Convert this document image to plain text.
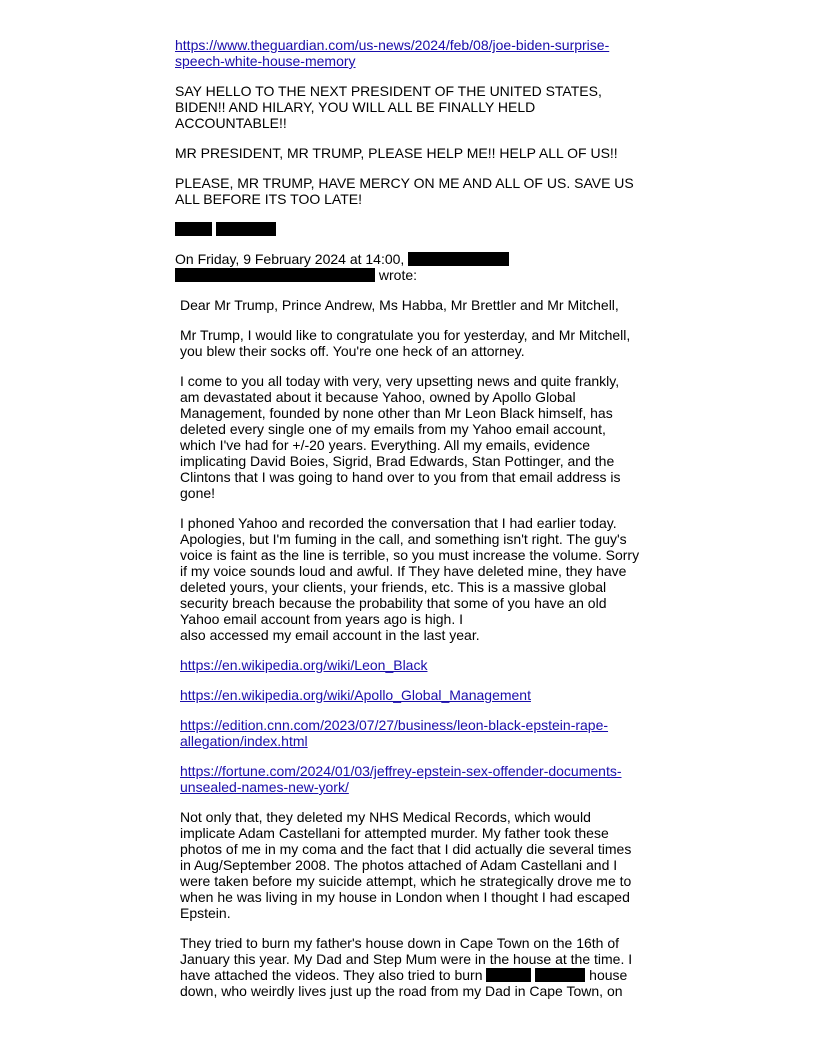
https://www.theguardian.com/us-news/2024/feb/08/joe-biden-surprise-
speech-white-house-memory

SAY HELLO TO THE NEXT PRESIDENT OF THE UNITED STATES, BIDEN!! AND HILARY, YOU WILL ALL BE FINALLY HELD ACCOUNTABLE!!

MR PRESIDENT, MR TRUMP, PLEASE HELP ME!! HELP ALL OF US!!

PLEASE, MR TRUMP, HAVE MERCY ON ME AND ALL OF US. SAVE US ALL BEFORE ITS TOO LATE!

On Friday, 9 February 2024 at 14:00,
wrote:

Dear Mr Trump, Prince Andrew, Ms Habba, Mr Brettler and Mr Mitchell,

Mr Trump, I would like to congratulate you for yesterday, and Mr Mitchell, you blew their socks off. You're one heck of an attorney.

I come to you all today with very, very upsetting news and quite frankly, am devastated about it because Yahoo, owned by Apollo Global Management, founded by none other than Mr Leon Black himself, has deleted every single one of my emails from my Yahoo email account, which I've had for +/-20 years. Everything. All my emails, evidence implicating David Boies, Sigrid, Brad Edwards, Stan Pottinger, and the Clintons that I was going to hand over to you from that email address is gone!

I phoned Yahoo and recorded the conversation that I had earlier today. Apologies, but I'm fuming in the call, and something isn't right. The guy's voice is faint as the line is terrible, so you must increase the volume. Sorry if my voice sounds loud and awful. If They have deleted mine, they have deleted yours, your clients, your friends, etc. This is a massive global security breach because the probability that some of you have an old Yahoo email account from years ago is high. I
also accessed my email account in the last year.

https://en.wikipedia.org/wiki/Leon_Black

https://en.wikipedia.org/wiki/Apollo_Global_Management

https://edition.cnn.com/2023/07/27/business/leon-black-epstein-rape-
allegation/index.html

https://fortune.com/2024/01/03/jeffrey-epstein-sex-offender-documents-
unsealed-names-new-york/

Not only that, they deleted my NHS Medical Records, which would implicate Adam Castellani for attempted murder. My father took these photos of me in my coma and the fact that I did actually die several times in Aug/September 2008. The photos attached of Adam Castellani and I were taken before my suicide attempt, which he strategically drove me to when he was living in my house in London when I thought I had escaped Epstein.

They tried to burn my father's house down in Cape Town on the 16th of January this year. My Dad and Step Mum were in the house at the time. I have attached the videos. They also tried to burn	house down, who weirdly lives just up the road from my Dad in Cape Town, on
